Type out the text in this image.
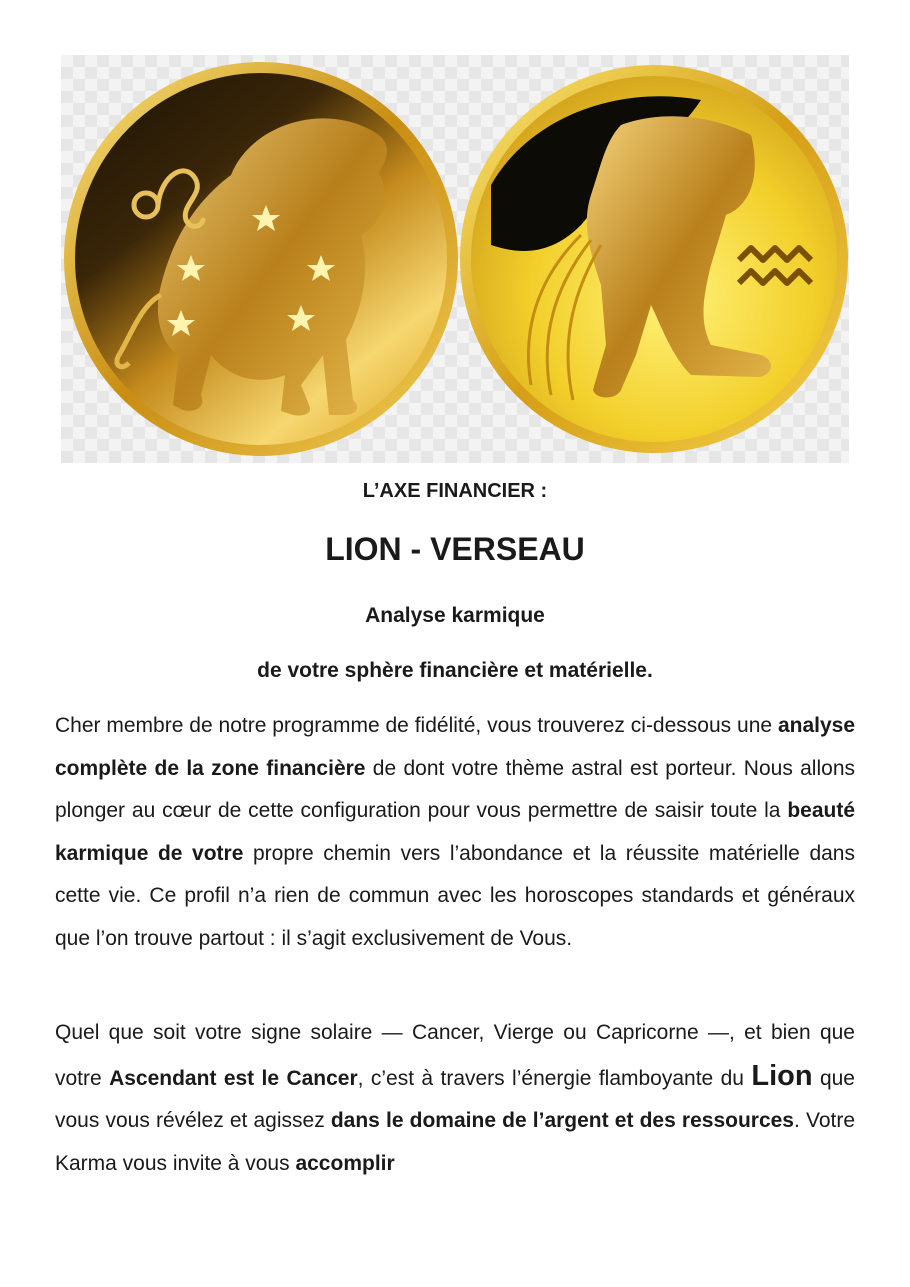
L’AXE FINANCIER :

LION - VERSEAU

Analyse karmique

de votre sphère financière et matérielle.

Cher membre de notre programme de fidélité, vous trouverez ci-dessous une analyse complète de la zone financière de dont votre thème astral est porteur. Nous allons plonger au cœur de cette configuration pour vous permettre de saisir toute la beauté karmique de votre propre chemin vers l’abondance et la réussite matérielle dans cette vie. Ce profil n’a rien de commun avec les horoscopes standards et généraux que l’on trouve partout : il s’agit exclusivement de Vous.

Quel que soit votre signe solaire — Cancer, Vierge ou Capricorne —, et bien que votre Ascendant est le Cancer, c’est à travers l’énergie flamboyante du Lion que vous vous révélez et agissez dans le domaine de l’argent et des ressources. Votre Karma vous invite à vous accomplir
